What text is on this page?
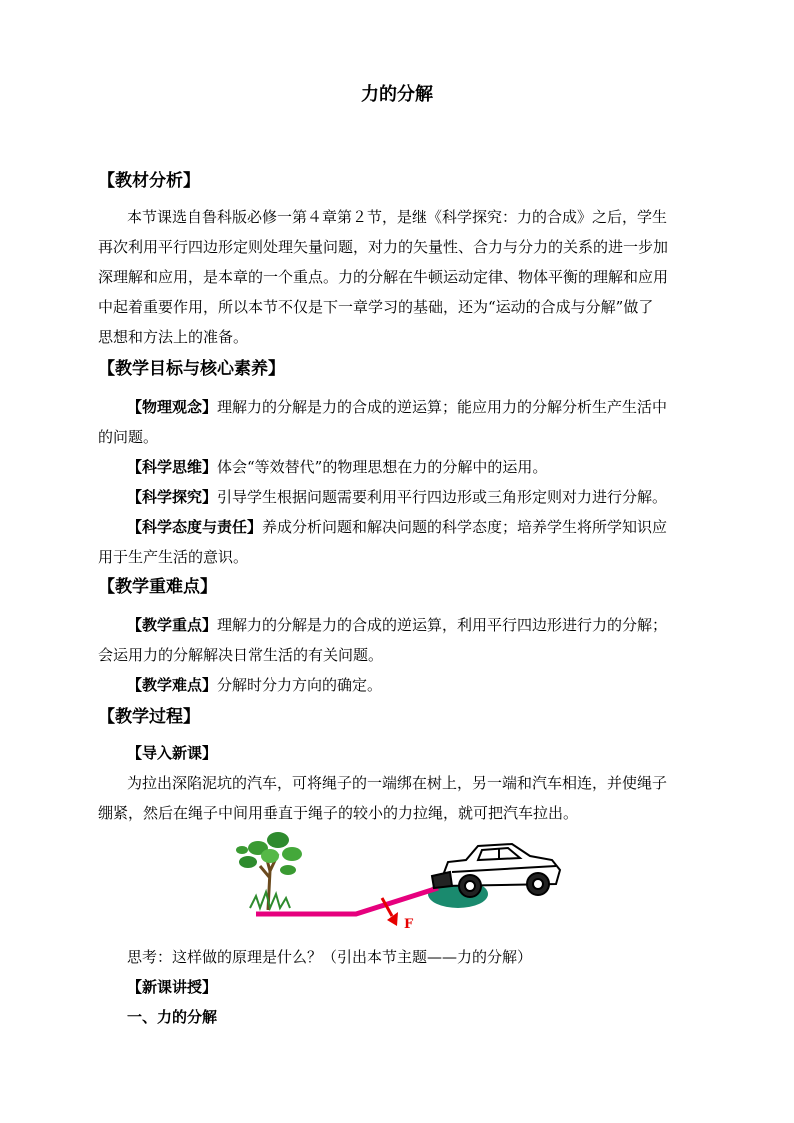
力的分解
【教材分析】
本节课选自鲁科版必修一第４章第２节，是继《科学探究：力的合成》之后，学生
再次利用平行四边形定则处理矢量问题，对力的矢量性、合力与分力的关系的进一步加
深理解和应用，是本章的一个重点。力的分解在牛顿运动定律、物体平衡的理解和应用
中起着重要作用，所以本节不仅是下一章学习的基础，还为“运动的合成与分解”做了
思想和方法上的准备。
【教学目标与核心素养】
【物理观念】理解力的分解是力的合成的逆运算；能应用力的分解分析生产生活中
的问题。
【科学思维】体会“等效替代”的物理思想在力的分解中的运用。
【科学探究】引导学生根据问题需要利用平行四边形或三角形定则对力进行分解。
【科学态度与责任】养成分析问题和解决问题的科学态度；培养学生将所学知识应
用于生产生活的意识。
【教学重难点】
【教学重点】理解力的分解是力的合成的逆运算，利用平行四边形进行力的分解；
会运用力的分解解决日常生活的有关问题。
【教学难点】分解时分力方向的确定。
【教学过程】
【导入新课】
为拉出深陷泥坑的汽车，可将绳子的一端绑在树上，另一端和汽车相连，并使绳子
绷紧，然后在绳子中间用垂直于绳子的较小的力拉绳，就可把汽车拉出。
F
思考：这样做的原理是什么？（引出本节主题——力的分解）
【新课讲授】
一、力的分解
